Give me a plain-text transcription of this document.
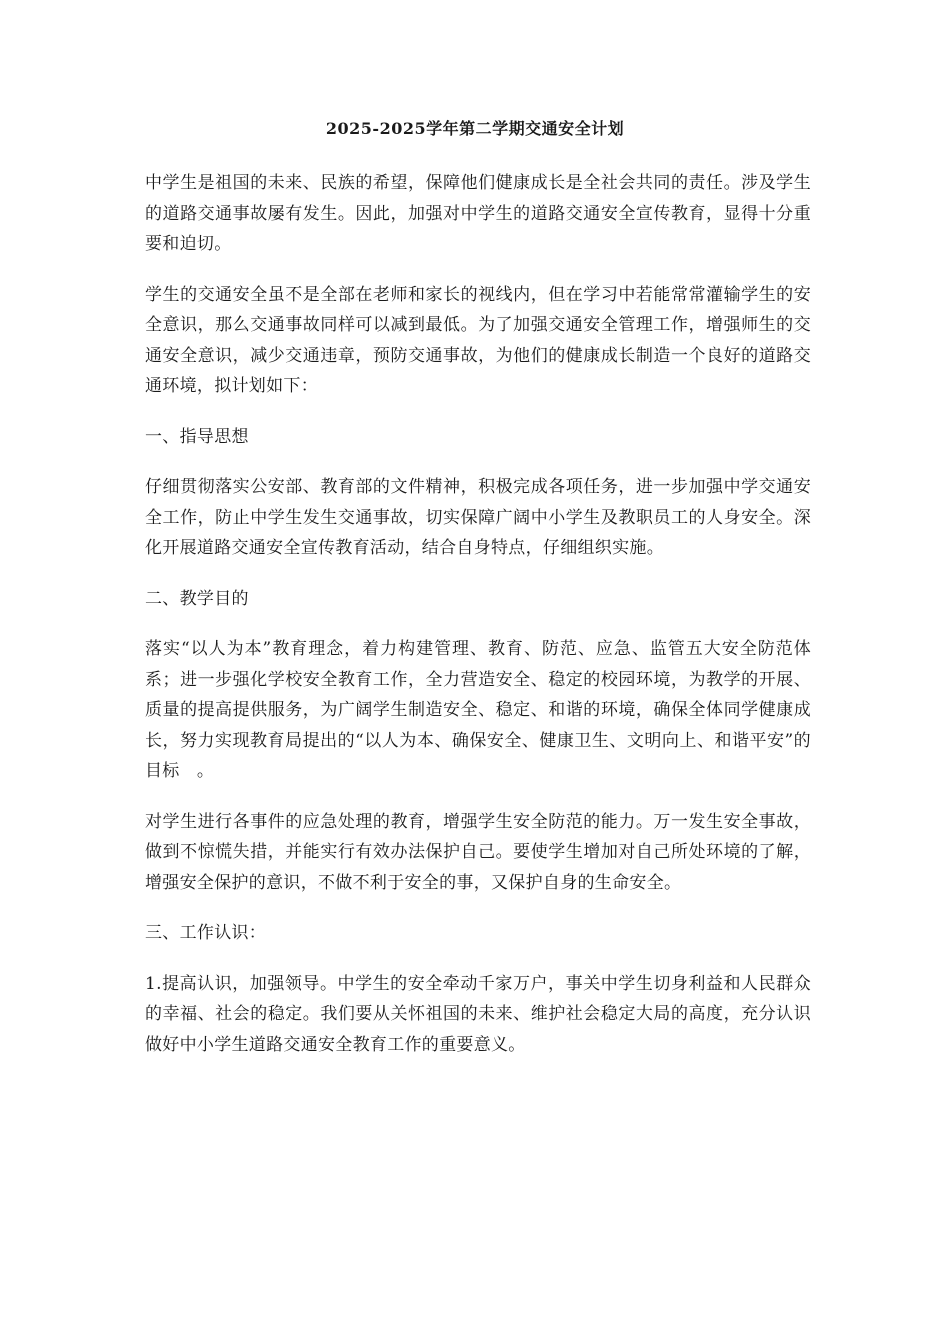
2025-2025学年第二学期交通安全计划

中学生是祖国的未来、民族的希望，保障他们健康成长是全社会共同的责任。涉及学生的道路交通事故屡有发生。因此，加强对中学生的道路交通安全宣传教育，显得十分重要和迫切。

学生的交通安全虽不是全部在老师和家长的视线内，但在学习中若能常常灌输学生的安全意识，那么交通事故同样可以减到最低。为了加强交通安全管理工作，增强师生的交通安全意识，减少交通违章，预防交通事故，为他们的健康成长制造一个良好的道路交通环境，拟计划如下：

一、指导思想

仔细贯彻落实公安部、教育部的文件精神，积极完成各项任务，进一步加强中学交通安全工作，防止中学生发生交通事故，切实保障广阔中小学生及教职员工的人身安全。深化开展道路交通安全宣传教育活动，结合自身特点，仔细组织实施。

二、教学目的

落实“以人为本”教育理念，着力构建管理、教育、防范、应急、监管五大安全防范体系；进一步强化学校安全教育工作，全力营造安全、稳定的校园环境，为教学的开展、质量的提高提供服务，为广阔学生制造安全、稳定、和谐的环境，确保全体同学健康成长，努力实现教育局提出的“以人为本、确保安全、健康卫生、文明向上、和谐平安”的目标　。

对学生进行各事件的应急处理的教育，增强学生安全防范的能力。万一发生安全事故，做到不惊慌失措，并能实行有效办法保护自己。要使学生增加对自己所处环境的了解，增强安全保护的意识，不做不利于安全的事，又保护自身的生命安全。

三、工作认识：

1.提高认识，加强领导。中学生的安全牵动千家万户，事关中学生切身利益和人民群众的幸福、社会的稳定。我们要从关怀祖国的未来、维护社会稳定大局的高度，充分认识做好中小学生道路交通安全教育工作的重要意义。
